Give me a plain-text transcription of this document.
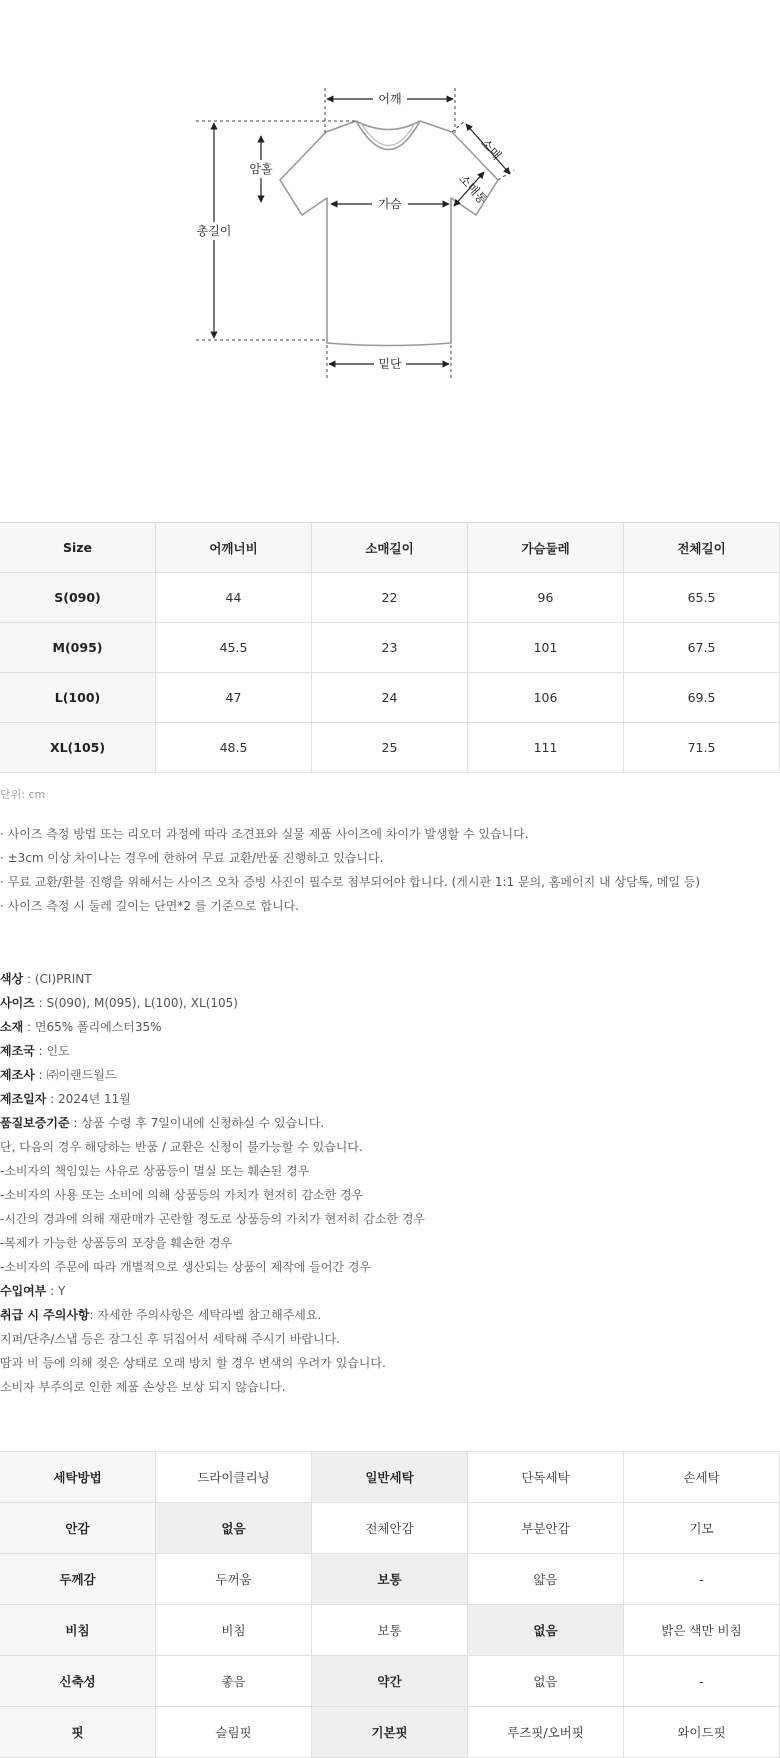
어깨
총길이
암홀
가슴
밑단
소매
소매통
Size	어깨너비	소매길이	가슴둘레	전체길이
S(090)	44	22	96	65.5
M(095)	45.5	23	101	67.5
L(100)	47	24	106	69.5
XL(105)	48.5	25	111	71.5
단위: cm
· 사이즈 측정 방법 또는 리오더 과정에 따라 조견표와 실물 제품 사이즈에 차이가 발생할 수 있습니다.
· ±3cm 이상 차이나는 경우에 한하여 무료 교환/반품 진행하고 있습니다.
· 무료 교환/환불 진행을 위해서는 사이즈 오차 증빙 사진이 필수로 첨부되어야 합니다. (게시판 1:1 문의, 홈페이지 내 상담톡, 메일 등)
· 사이즈 측정 시 둘레 길이는 단면*2 를 기준으로 합니다.
색상 : (CI)PRINT
사이즈 : S(090), M(095), L(100), XL(105)
소재 : 면65% 폴리에스터35%
제조국 : 인도
제조사 : ㈜이랜드월드
제조일자 : 2024년 11월
품질보증기준 : 상품 수령 후 7일이내에 신청하실 수 있습니다.
단, 다음의 경우 해당하는 반품 / 교환은 신청이 불가능할 수 있습니다.
-소비자의 책임있는 사유로 상품등이 멸실 또는 훼손된 경우
-소비자의 사용 또는 소비에 의해 상품등의 가치가 현저히 감소한 경우
-시간의 경과에 의해 재판매가 곤란할 정도로 상품등의 가치가 현저히 감소한 경우
-복제가 가능한 상품등의 포장을 훼손한 경우
-소비자의 주문에 따라 개별적으로 생산되는 상품이 제작에 들어간 경우
수입여부 : Y
취급 시 주의사항: 자세한 주의사항은 세탁라벨 참고해주세요.
지퍼/단추/스냅 등은 잠그신 후 뒤집어서 세탁해 주시기 바랍니다.
땀과 비 등에 의해 젖은 상태로 오래 방치 할 경우 변색의 우려가 있습니다.
소비자 부주의로 인한 제품 손상은 보상 되지 않습니다.
세탁방법	드라이클리닝	일반세탁	단독세탁	손세탁
안감	없음	전체안감	부분안감	기모
두께감	두꺼움	보통	얇음	-
비침	비침	보통	없음	밝은 색만 비침
신축성	좋음	약간	없음	-
핏	슬림핏	기본핏	루즈핏/오버핏	와이드핏
